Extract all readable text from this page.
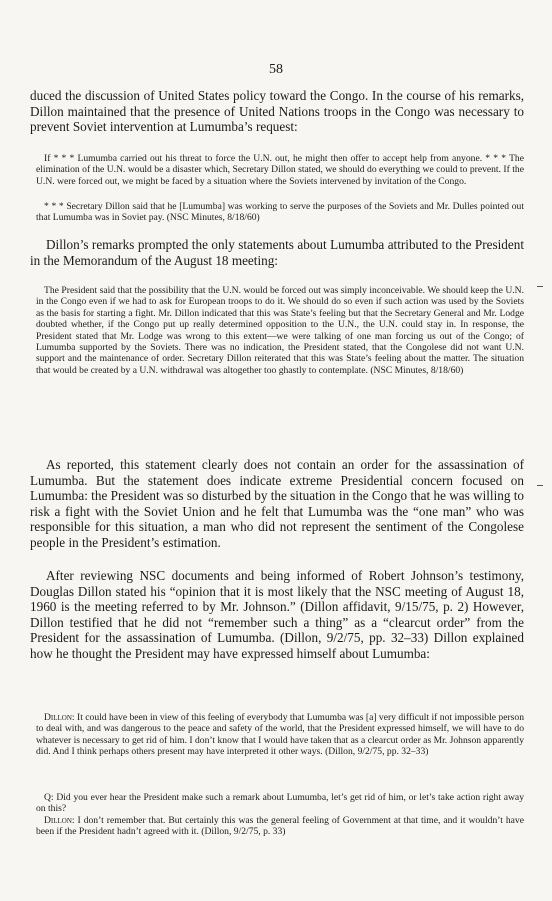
58

duced the discussion of United States policy toward the Congo. In the course of his remarks, Dillon maintained that the presence of United Nations troops in the Congo was necessary to prevent Soviet intervention at Lumumba’s request:

If * * * Lumumba carried out his threat to force the U.N. out, he might then offer to accept help from anyone. * * * The elimination of the U.N. would be a disaster which, Secretary Dillon stated, we should do everything we could to prevent. If the U.N. were forced out, we might be faced by a situation where the Soviets intervened by invitation of the Congo.

* * * Secretary Dillon said that he [Lumumba] was working to serve the purposes of the Soviets and Mr. Dulles pointed out that Lumumba was in Soviet pay. (NSC Minutes, 8/18/60)

Dillon’s remarks prompted the only statements about Lumumba attributed to the President in the Memorandum of the August 18 meeting:

The President said that the possibility that the U.N. would be forced out was simply inconceivable. We should keep the U.N. in the Congo even if we had to ask for European troops to do it. We should do so even if such action was used by the Soviets as the basis for starting a fight. Mr. Dillon indicated that this was State’s feeling but that the Secretary General and Mr. Lodge doubted whether, if the Congo put up really determined opposition to the U.N., the U.N. could stay in. In response, the President stated that Mr. Lodge was wrong to this extent—we were talking of one man forcing us out of the Congo; of Lumumba supported by the Soviets. There was no indication, the President stated, that the Congolese did not want U.N. support and the maintenance of order. Secretary Dillon reiterated that this was State’s feeling about the matter. The situation that would be created by a U.N. withdrawal was altogether too ghastly to contemplate. (NSC Minutes, 8/18/60)

As reported, this statement clearly does not contain an order for the assassination of Lumumba. But the statement does indicate extreme Presidential concern focused on Lumumba: the President was so disturbed by the situation in the Congo that he was willing to risk a fight with the Soviet Union and he felt that Lumumba was the “one man” who was responsible for this situation, a man who did not represent the sentiment of the Congolese people in the President’s estimation.

After reviewing NSC documents and being informed of Robert Johnson’s testimony, Douglas Dillon stated his “opinion that it is most likely that the NSC meeting of August 18, 1960 is the meeting referred to by Mr. Johnson.” (Dillon affidavit, 9/15/75, p. 2) However, Dillon testified that he did not “remember such a thing” as a “clearcut order” from the President for the assassination of Lumumba. (Dillon, 9/2/75, pp. 32–33) Dillon explained how he thought the President may have expressed himself about Lumumba:

Dillon: It could have been in view of this feeling of everybody that Lumumba was [a] very difficult if not impossible person to deal with, and was dangerous to the peace and safety of the world, that the President expressed himself, we will have to do whatever is necessary to get rid of him. I don’t know that I would have taken that as a clearcut order as Mr. Johnson apparently did. And I think perhaps others present may have interpreted it other ways. (Dillon, 9/2/75, pp. 32–33)

Q: Did you ever hear the President make such a remark about Lumumba, let’s get rid of him, or let’s take action right away on this?

Dillon: I don’t remember that. But certainly this was the general feeling of Government at that time, and it wouldn’t have been if the President hadn’t agreed with it. (Dillon, 9/2/75, p. 33)
